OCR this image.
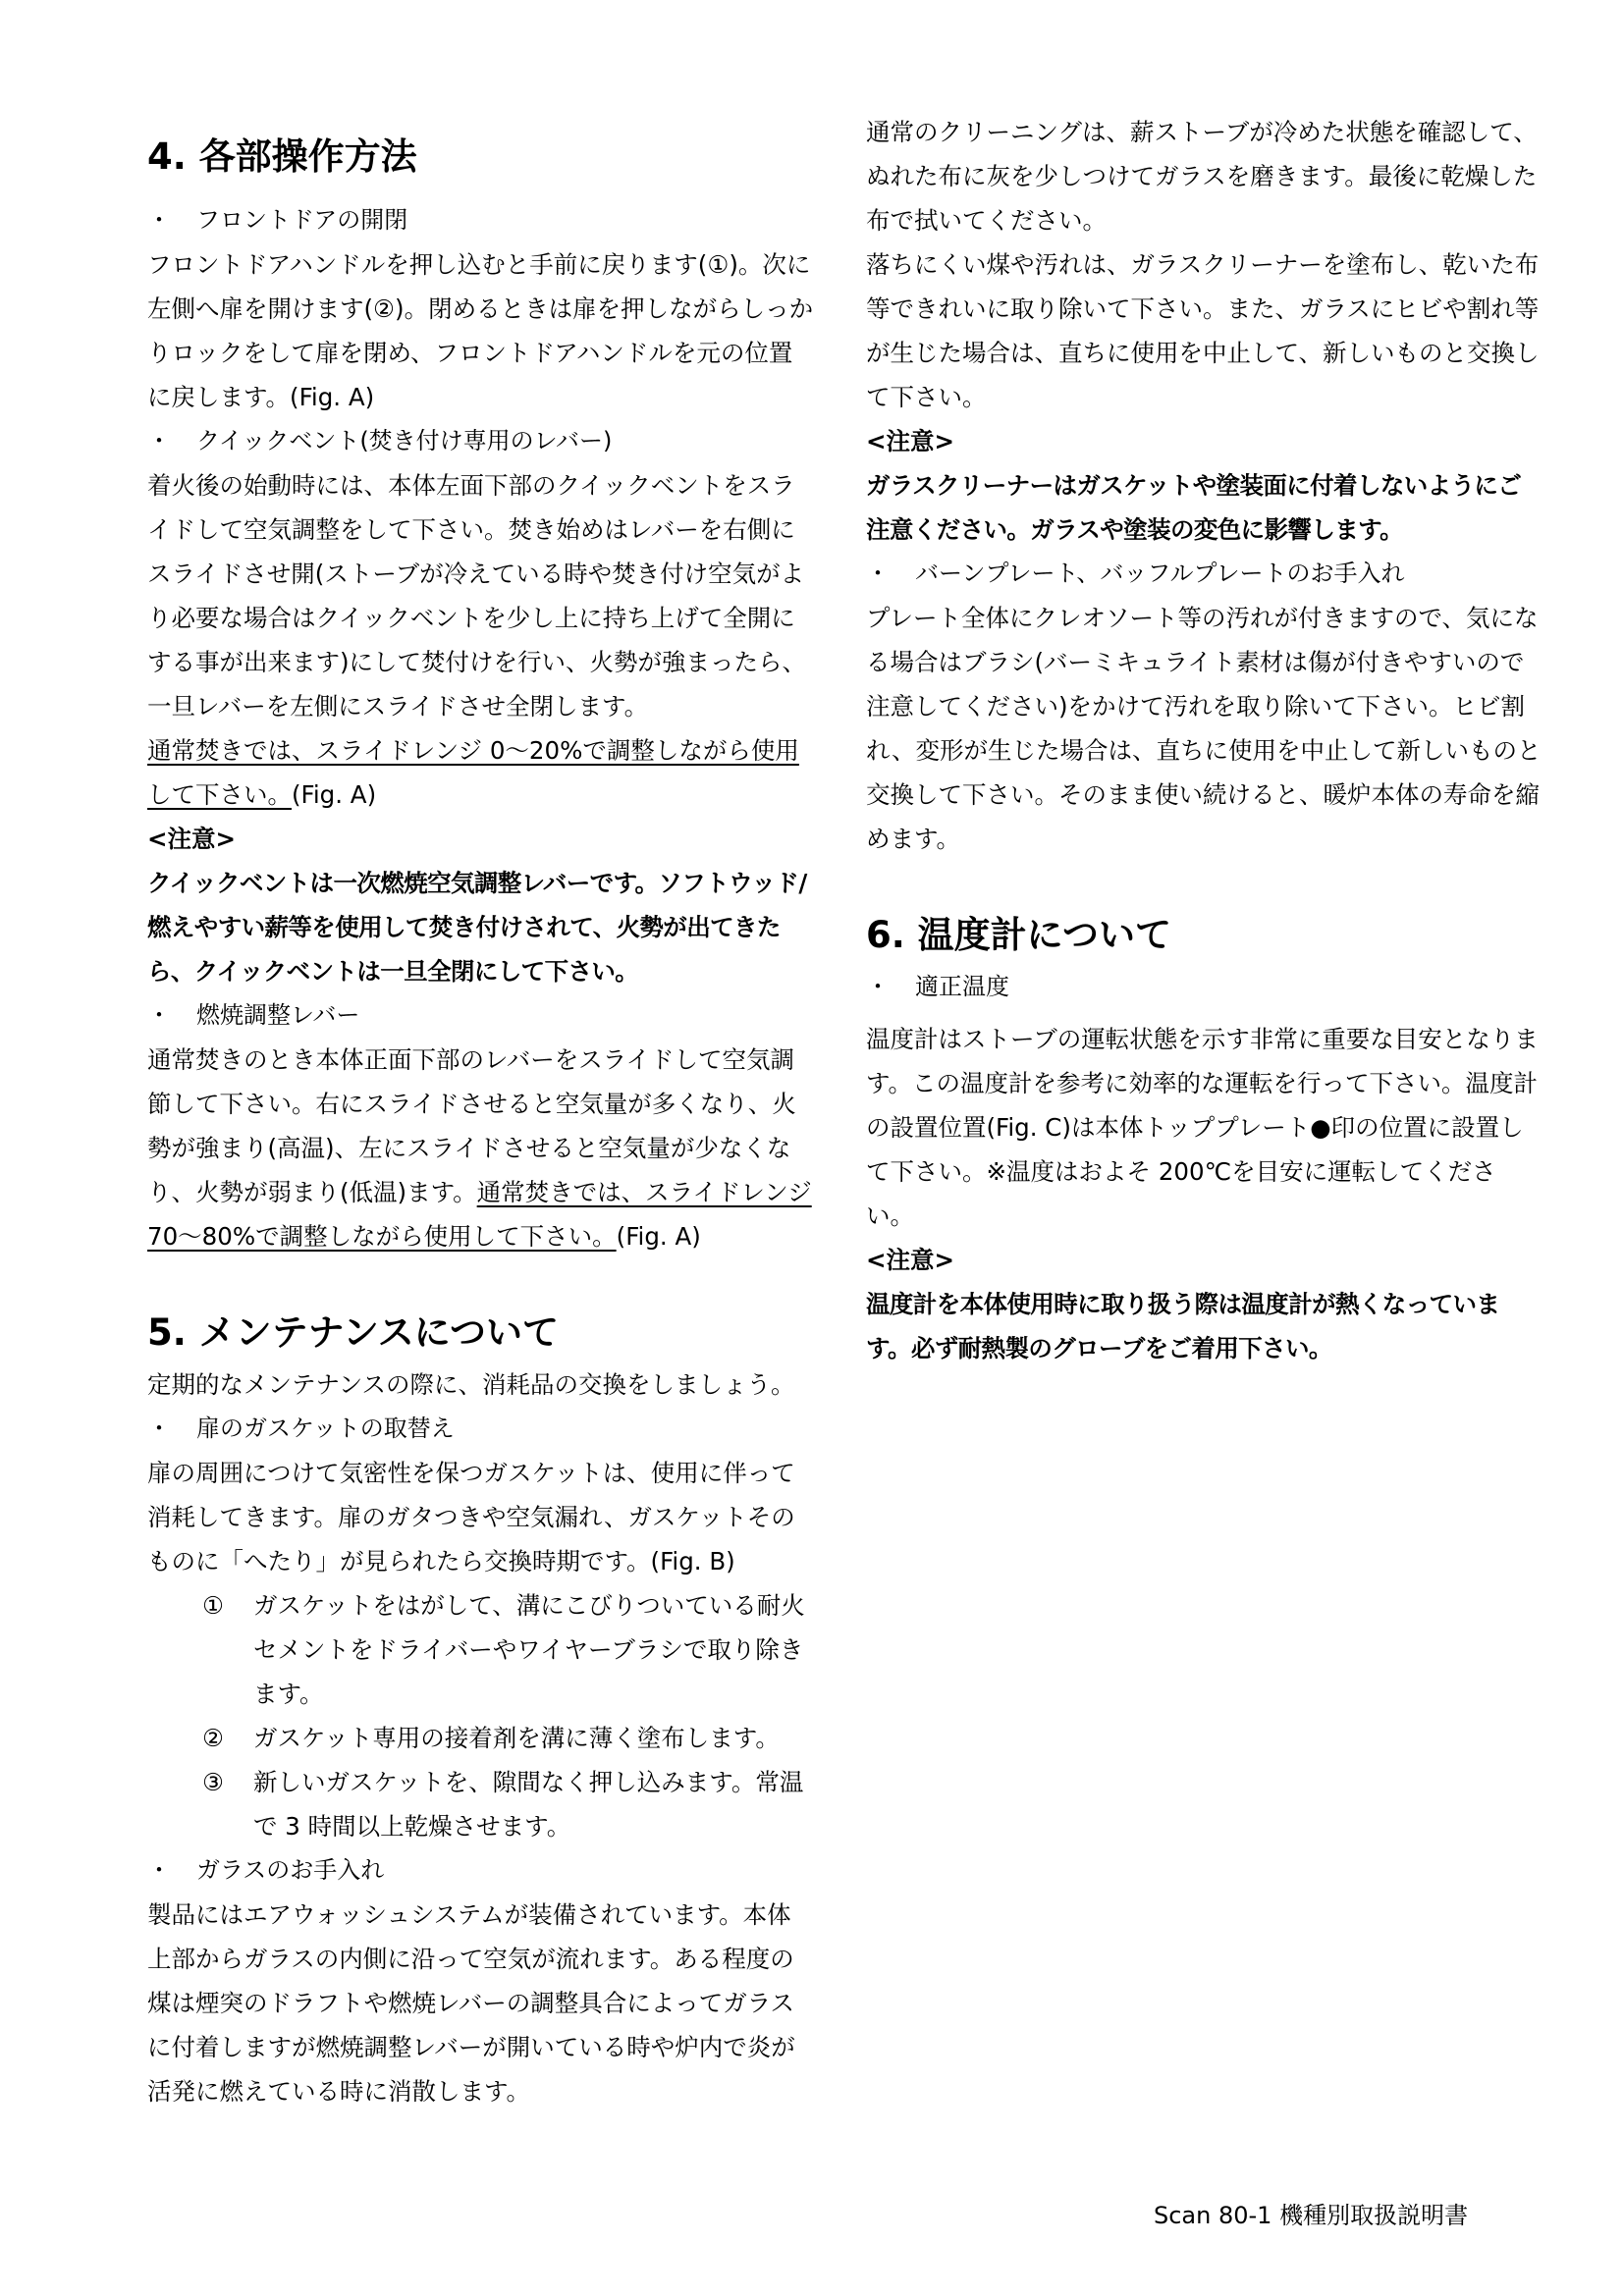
4. 各部操作方法

・ フロントドアの開閉

フロントドアハンドルを押し込むと手前に戻ります(①)。次に左側へ扉を開けます(②)。閉めるときは扉を押しながらしっかりロックをして扉を閉め、フロントドアハンドルを元の位置に戻します。(Fig. A)

・ クイックベント(焚き付け専用のレバー)

着火後の始動時には、本体左面下部のクイックベントをスライドして空気調整をして下さい。焚き始めはレバーを右側にスライドさせ開(ストーブが冷えている時や焚き付け空気がより必要な場合はクイックベントを少し上に持ち上げて全開にする事が出来ます)にして焚付けを行い、火勢が強まったら、一旦レバーを左側にスライドさせ全閉します。

通常焚きでは、スライドレンジ 0～20%で調整しながら使用して下さい。(Fig. A)

<注意>

クイックベントは一次燃焼空気調整レバーです。ソフトウッド/燃えやすい薪等を使用して焚き付けされて、火勢が出てきたら、クイックベントは一旦全閉にして下さい。

・ 燃焼調整レバー

通常焚きのとき本体正面下部のレバーをスライドして空気調節して下さい。右にスライドさせると空気量が多くなり、火勢が強まり(高温)、左にスライドさせると空気量が少なくなり、火勢が弱まり(低温)ます。通常焚きでは、スライドレンジ 70～80%で調整しながら使用して下さい。(Fig. A)

5. メンテナンスについて

定期的なメンテナンスの際に、消耗品の交換をしましょう。

・ 扉のガスケットの取替え

扉の周囲につけて気密性を保つガスケットは、使用に伴って消耗してきます。扉のガタつきや空気漏れ、ガスケットそのものに「へたり」が見られたら交換時期です。(Fig. B)

① ガスケットをはがして、溝にこびりついている耐火セメントをドライバーやワイヤーブラシで取り除きます。
② ガスケット専用の接着剤を溝に薄く塗布します。
③ 新しいガスケットを、隙間なく押し込みます。常温で 3 時間以上乾燥させます。

・ ガラスのお手入れ

製品にはエアウォッシュシステムが装備されています。本体上部からガラスの内側に沿って空気が流れます。ある程度の煤は煙突のドラフトや燃焼レバーの調整具合によってガラスに付着しますが燃焼調整レバーが開いている時や炉内で炎が活発に燃えている時に消散します。

通常のクリーニングは、薪ストーブが冷めた状態を確認して、ぬれた布に灰を少しつけてガラスを磨きます。最後に乾燥した布で拭いてください。

落ちにくい煤や汚れは、ガラスクリーナーを塗布し、乾いた布等できれいに取り除いて下さい。また、ガラスにヒビや割れ等が生じた場合は、直ちに使用を中止して、新しいものと交換して下さい。

<注意>

ガラスクリーナーはガスケットや塗装面に付着しないようにご注意ください。ガラスや塗装の変色に影響します。

・ バーンプレート、バッフルプレートのお手入れ

プレート全体にクレオソート等の汚れが付きますので、気になる場合はブラシ(バーミキュライト素材は傷が付きやすいので注意してください)をかけて汚れを取り除いて下さい。ヒビ割れ、変形が生じた場合は、直ちに使用を中止して新しいものと交換して下さい。そのまま使い続けると、暖炉本体の寿命を縮めます。

6. 温度計について

・ 適正温度

温度計はストーブの運転状態を示す非常に重要な目安となります。この温度計を参考に効率的な運転を行って下さい。温度計の設置位置(Fig. C)は本体トッププレート●印の位置に設置して下さい。※温度はおよそ 200℃を目安に運転してください。

<注意>

温度計を本体使用時に取り扱う際は温度計が熱くなっています。必ず耐熱製のグローブをご着用下さい。

Scan 80-1 機種別取扱説明書
